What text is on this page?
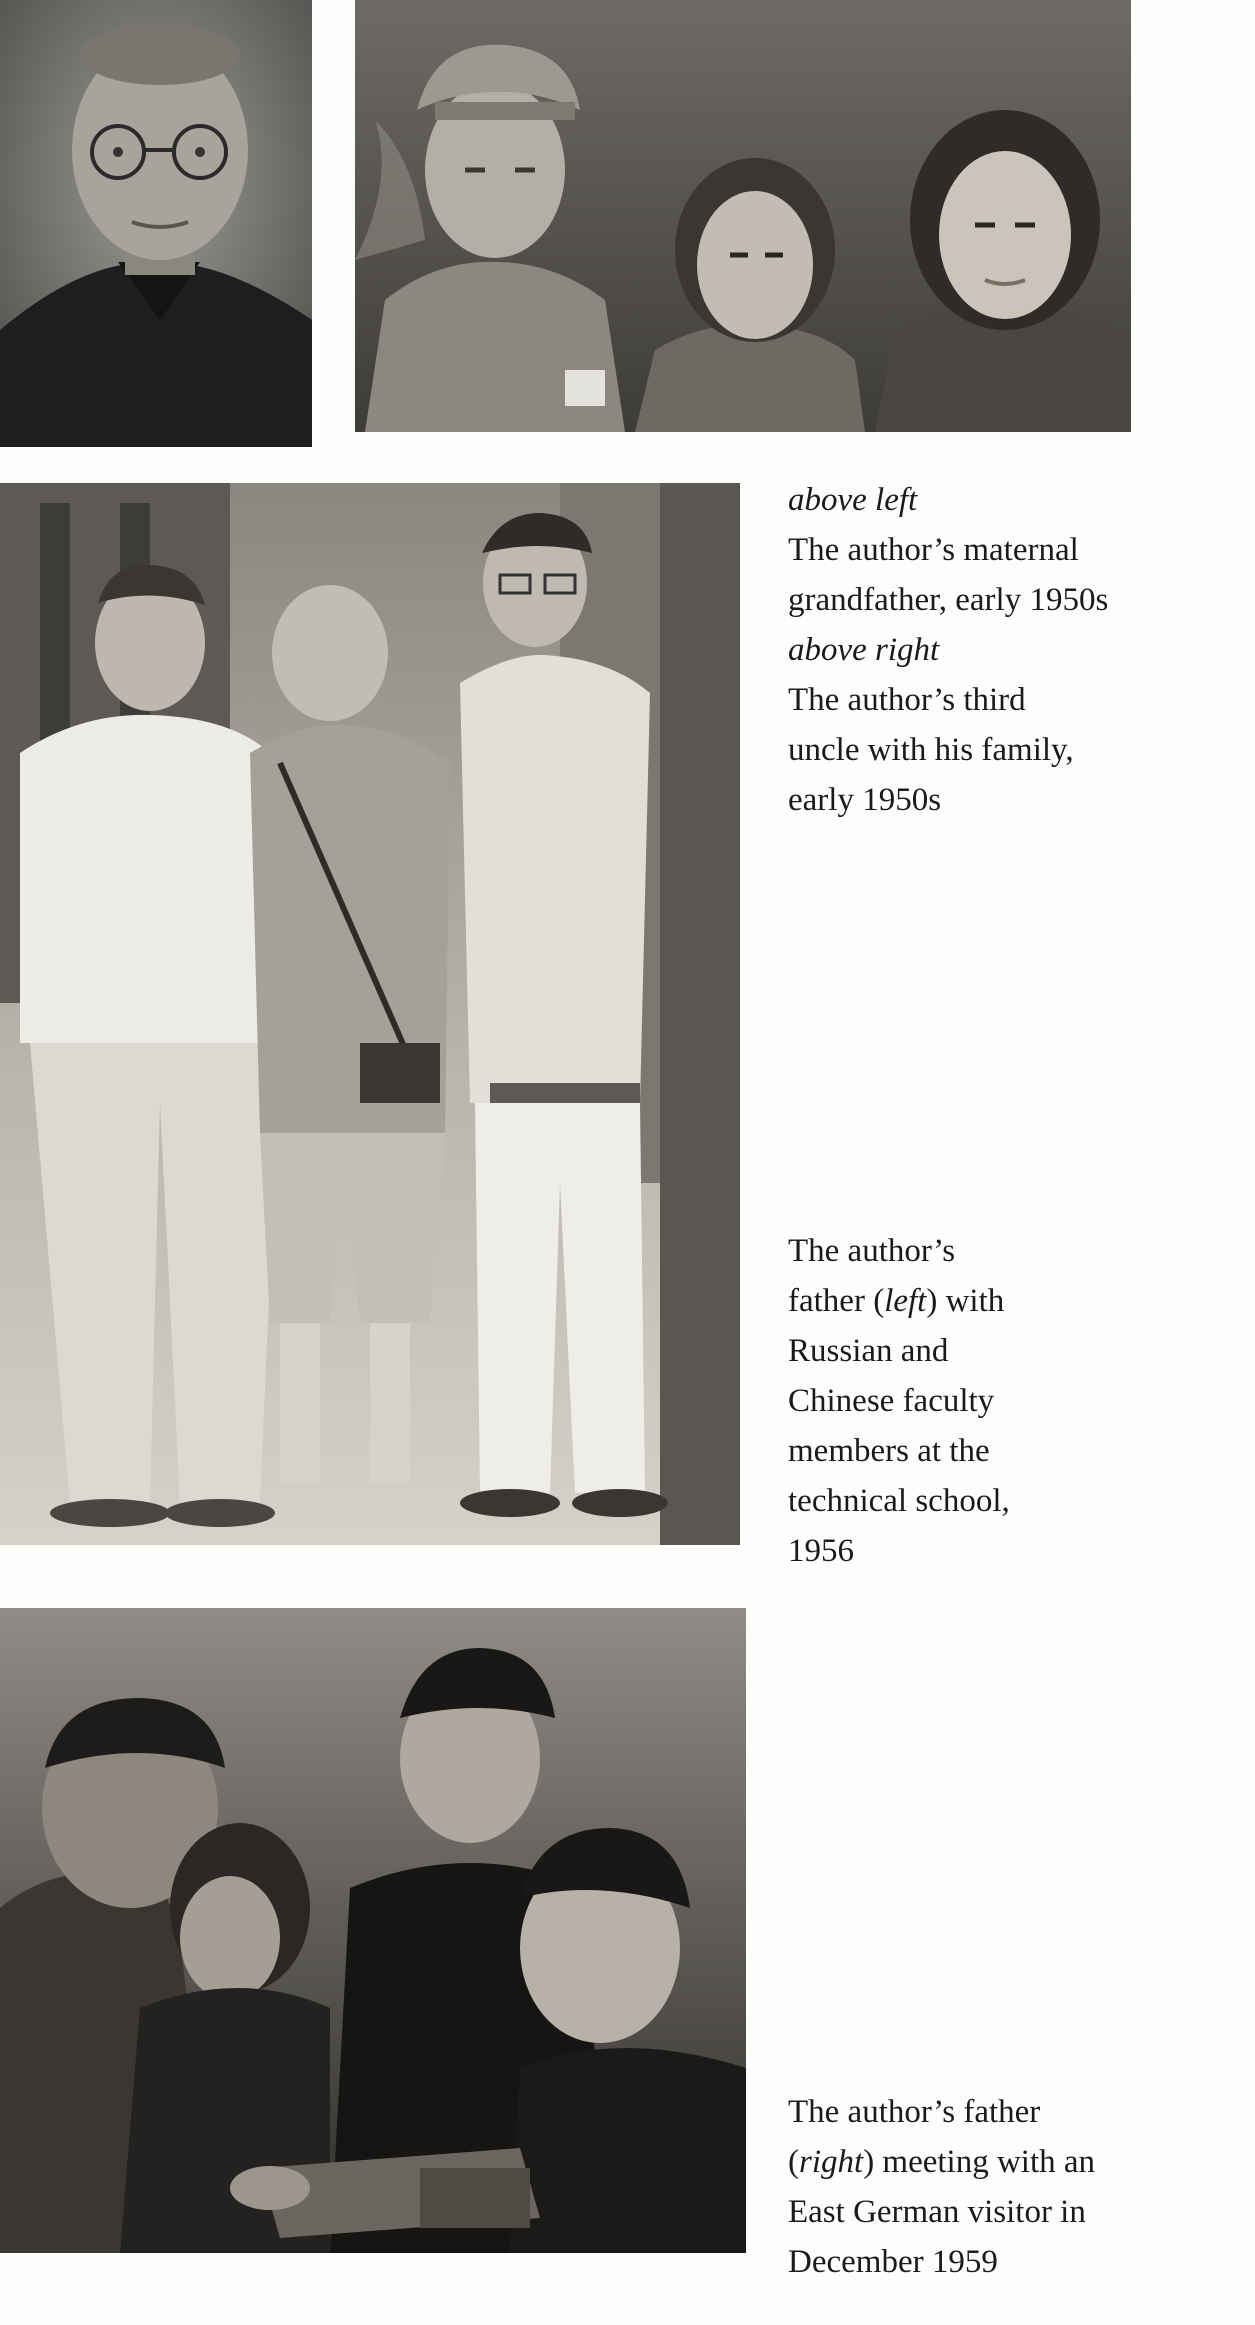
above left
The author’s maternal
grandfather, early 1950s
above right
The author’s third
uncle with his family,
early 1950s
The author’s
father (left) with
Russian and
Chinese faculty
members at the
technical school,
1956
The author’s father
(right) meeting with an
East German visitor in
December 1959
